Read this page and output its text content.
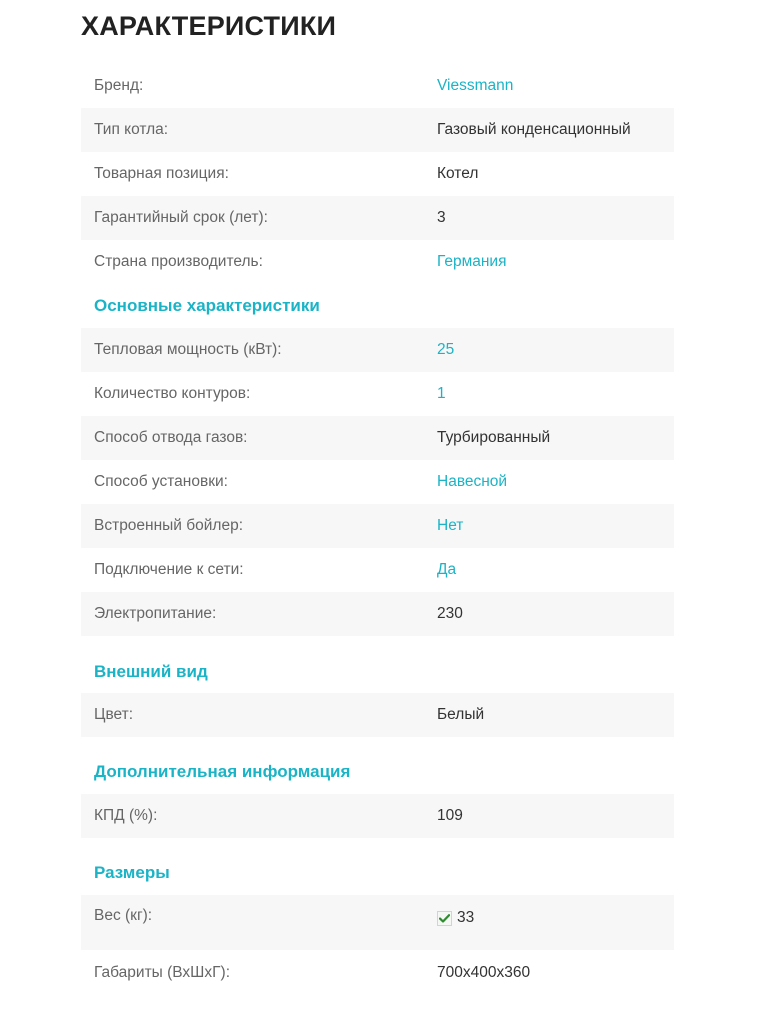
ХАРАКТЕРИСТИКИ
Бренд:	Viessmann
Тип котла:	Газовый конденсационный
Товарная позиция:	Котел
Гарантийный срок (лет):	3
Страна производитель:	Германия
Основные характеристики
Тепловая мощность (кВт):	25
Количество контуров:	1
Способ отвода газов:	Турбированный
Способ установки:	Навесной
Встроенный бойлер:	Нет
Подключение к сети:	Да
Электропитание:	230
Внешний вид
Цвет:	Белый
Дополнительная информация
КПД (%):	109
Размеры
Вес (кг):	33
Габариты (ВхШхГ):	700x400x360
